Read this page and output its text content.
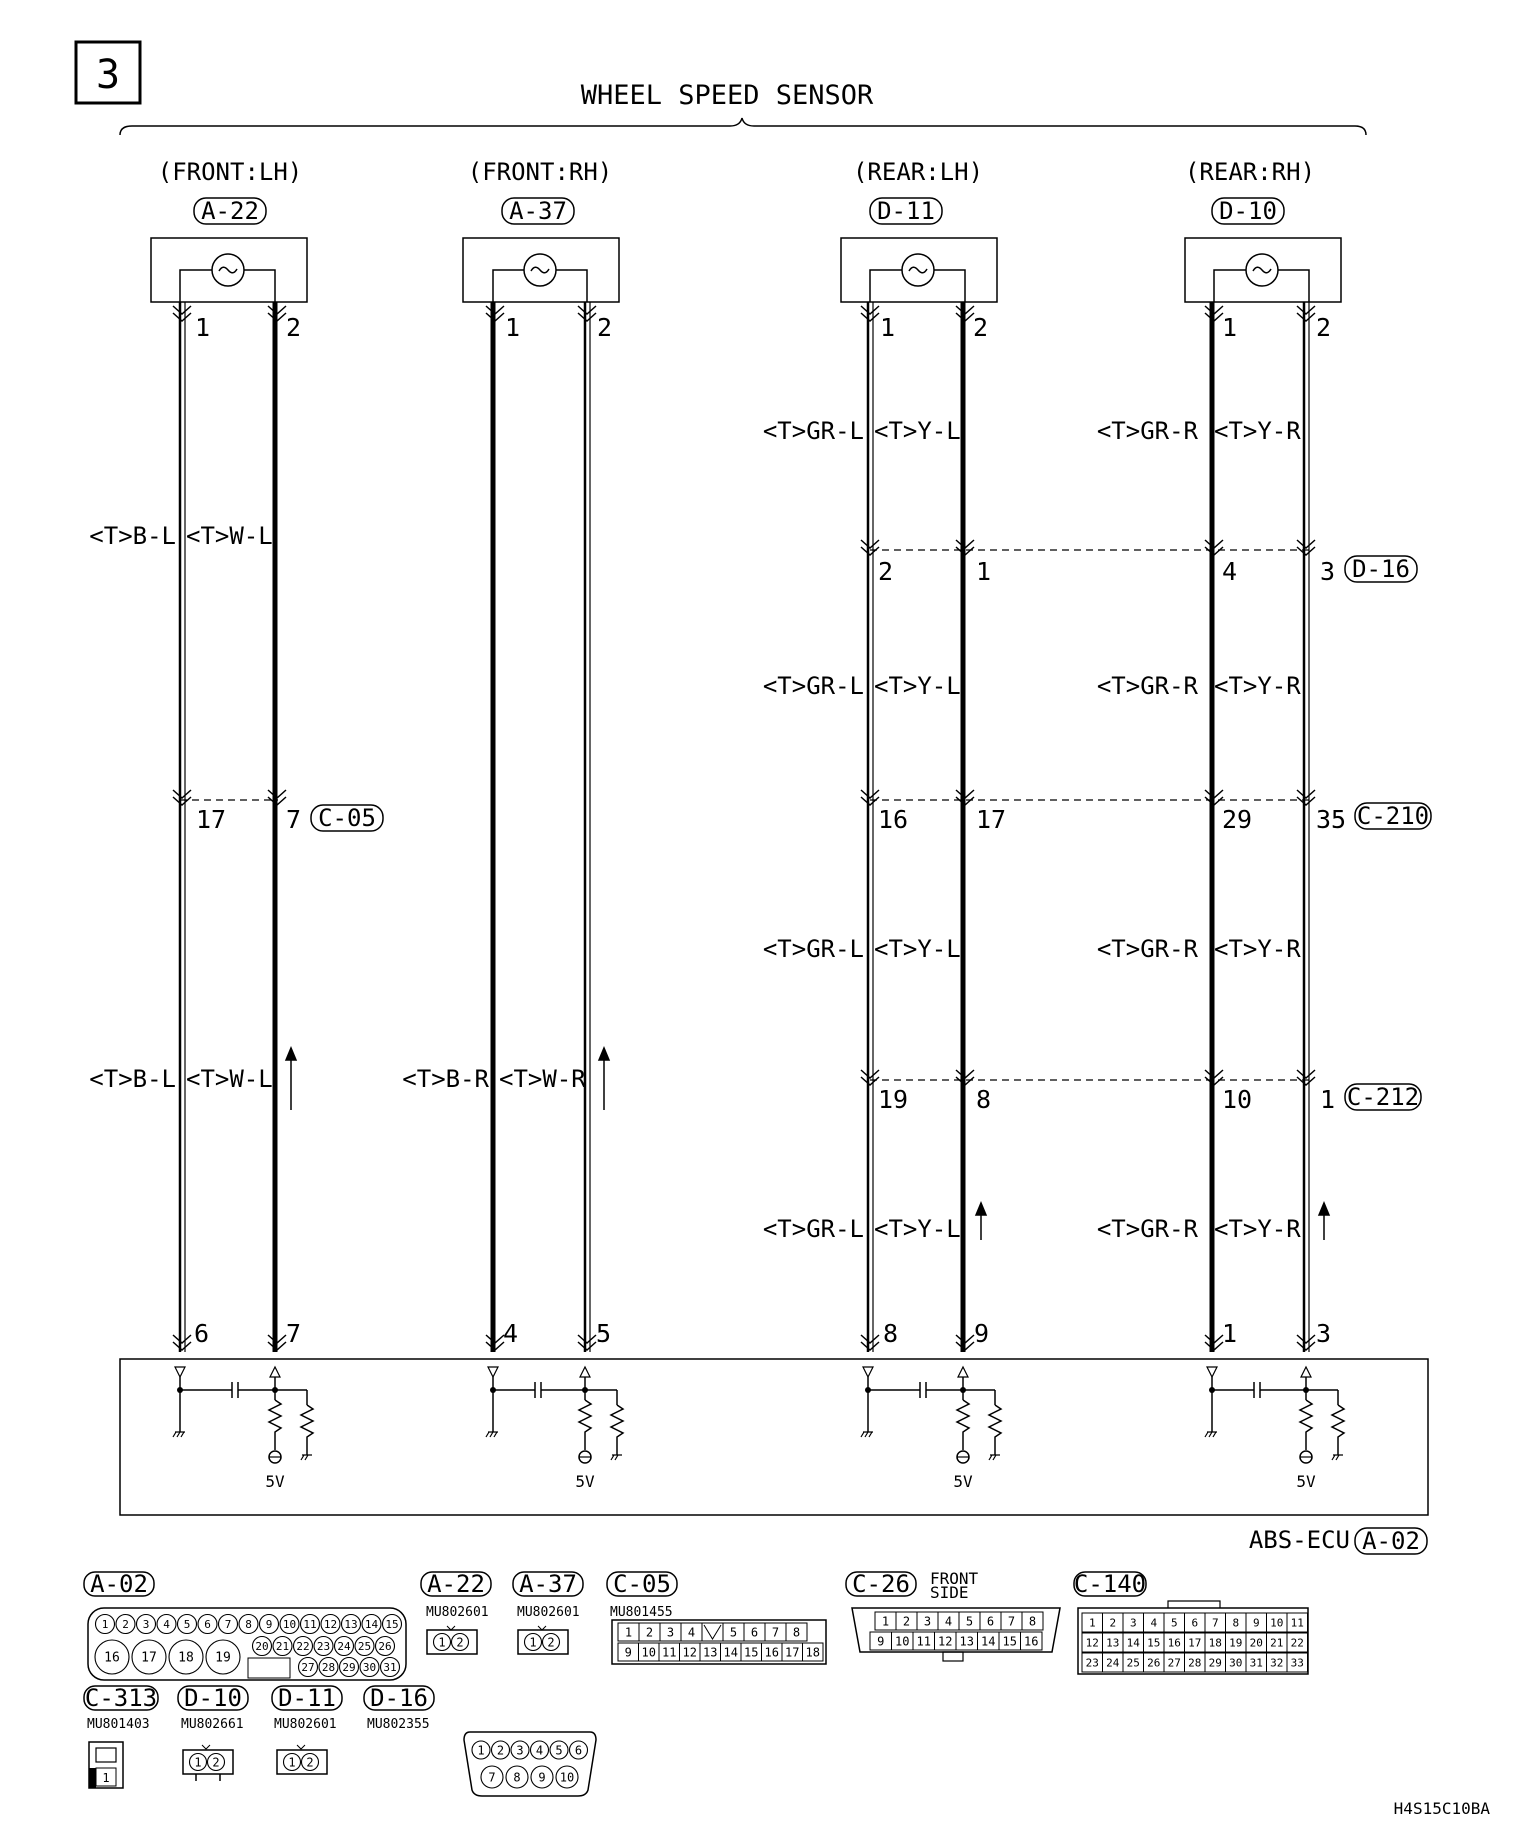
3	WHEEL SPEED SENSOR
(FRONT:LH)
A-22
(FRONT:RH)
A-37
(REAR:LH)
D-11
(REAR:RH)
D-10
1	2	1	2	1	2	1	2
<T>B-L <T>W-L
<T>B-L <T>W-L	<T>B-R <T>W-R
<T>GR-L <T>Y-L
<T>GR-L <T>Y-L
<T>GR-L <T>Y-L
<T>GR-L <T>Y-L
<T>GR-R <T>Y-R
<T>GR-R <T>Y-R
<T>GR-R <T>Y-R
<T>GR-R <T>Y-R
2	1	4	3 D-16
17 7 C-05	16	17	29	35 C-210
19	8	10	1 C-212
6	7	4	5	8	9	1	3
5V	5V	5V	5V
ABS-ECU A-02
A-02
1 2 3 4 5 6 7 8 9 10 11 12 13 14 15
16 17 18 19
20 21 22 23 24 25 26
27 28 29 30 31
A-22
MU802601
1 2
A-37
MU802601
1 2
C-05
MU801455
1 2 3 4	5 6 7 8
9 10 11 12 13 14 15 16 17 18
C-26 FRONT
SIDE
1 2 3 4 5 6 7 8
9 10 11 12 13 14 15 16
C-140
1 2 3 4 5 6 7 8 9 10 11
12 13 14 15 16 17 18 19 20 21 22
23 24 25 26 27 28 29 30 31 32 33
C-313
MU801403
1
D-10
MU802661
1 2
D-11
MU802601
1 2
D-16
MU802355
1 2 3 4 5 6
7 8 9 10
H4S15C10BA
